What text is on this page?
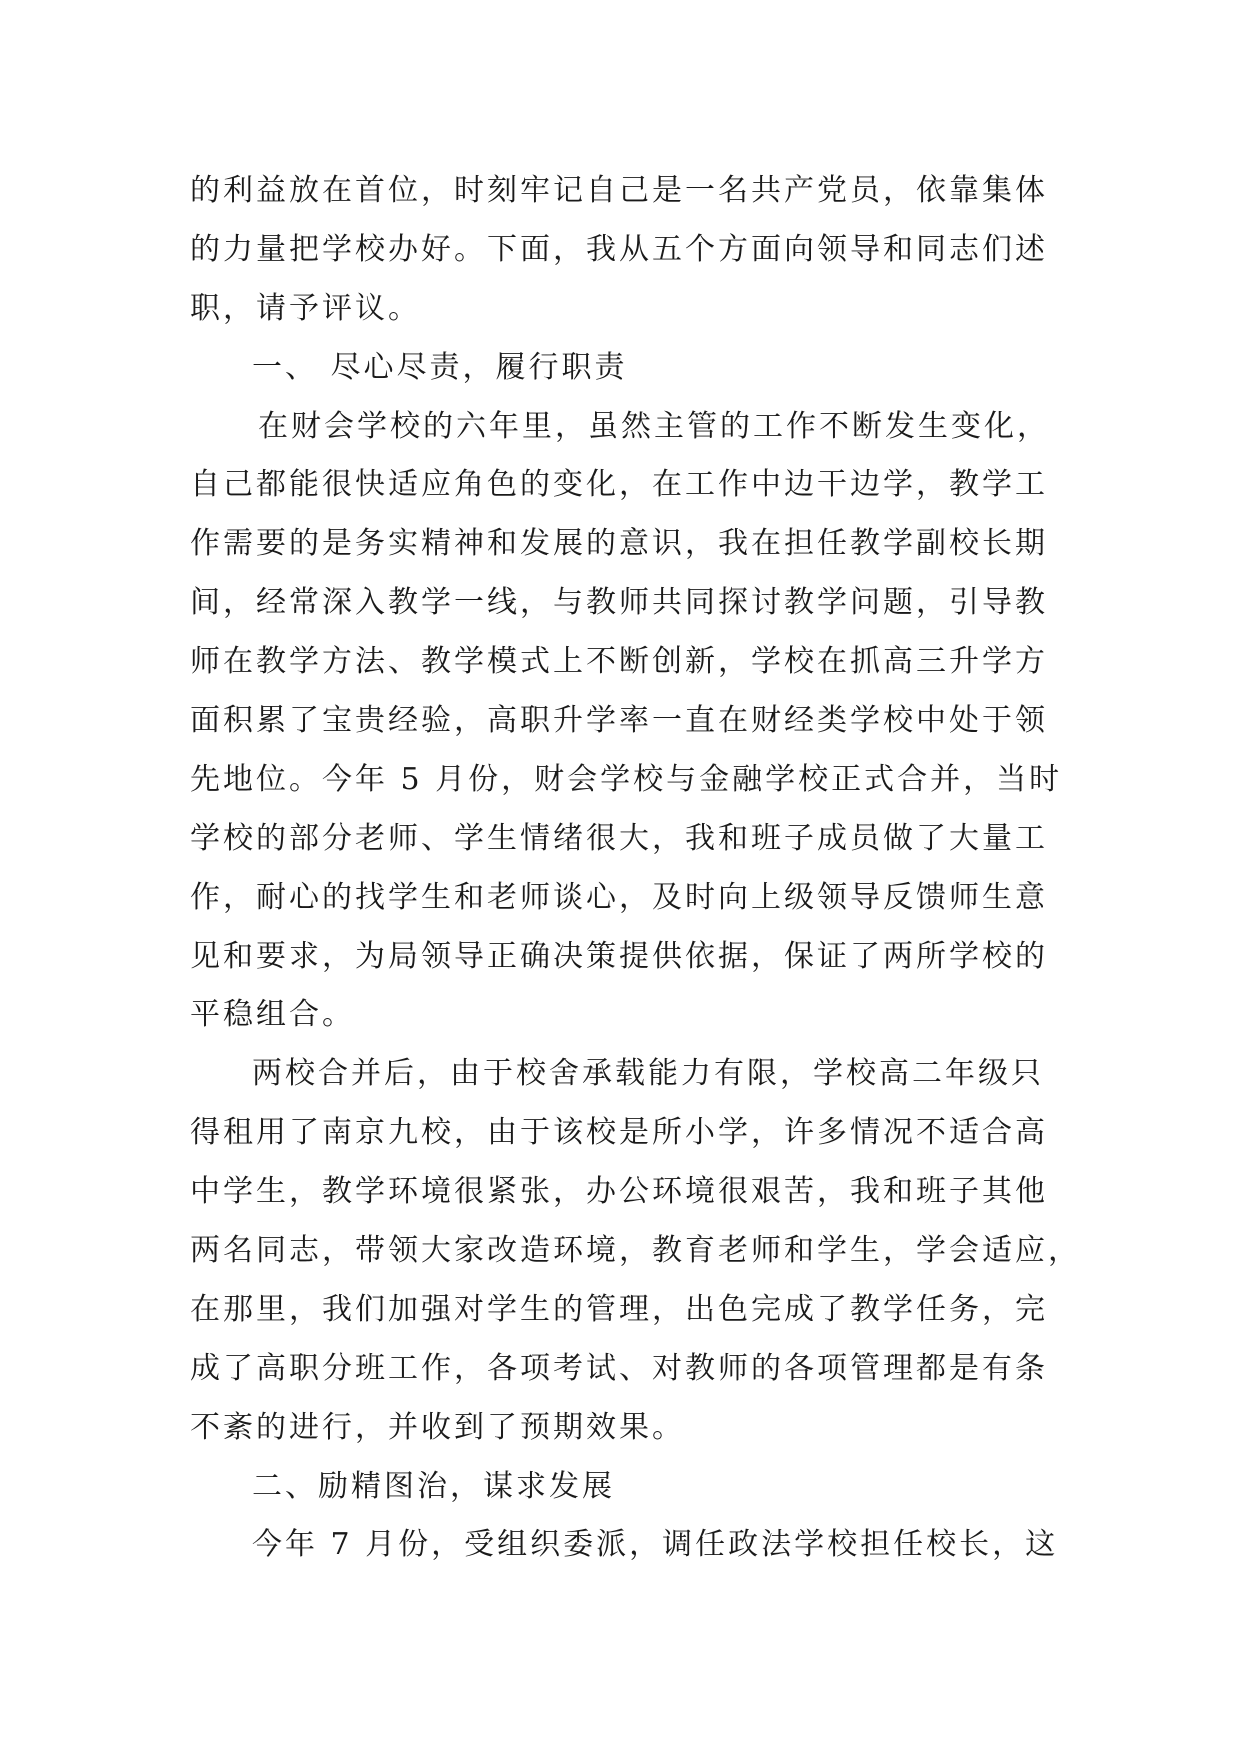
的利益放在首位，时刻牢记自己是一名共产党员，依靠集体
的力量把学校办好。下面，我从五个方面向领导和同志们述
职，请予评议。
一、 尽心尽责，履行职责
在财会学校的六年里，虽然主管的工作不断发生变化，
自己都能很快适应角色的变化，在工作中边干边学，教学工
作需要的是务实精神和发展的意识，我在担任教学副校长期
间，经常深入教学一线，与教师共同探讨教学问题，引导教
师在教学方法、教学模式上不断创新，学校在抓高三升学方
面积累了宝贵经验，高职升学率一直在财经类学校中处于领
先地位。今年 5 月份，财会学校与金融学校正式合并，当时
学校的部分老师、学生情绪很大，我和班子成员做了大量工
作，耐心的找学生和老师谈心，及时向上级领导反馈师生意
见和要求，为局领导正确决策提供依据，保证了两所学校的
平稳组合。
两校合并后，由于校舍承载能力有限，学校高二年级只
得租用了南京九校，由于该校是所小学，许多情况不适合高
中学生，教学环境很紧张，办公环境很艰苦，我和班子其他
两名同志，带领大家改造环境，教育老师和学生，学会适应，
在那里，我们加强对学生的管理，出色完成了教学任务，完
成了高职分班工作，各项考试、对教师的各项管理都是有条
不紊的进行，并收到了预期效果。
二、励精图治，谋求发展
今年 7 月份，受组织委派，调任政法学校担任校长，这
